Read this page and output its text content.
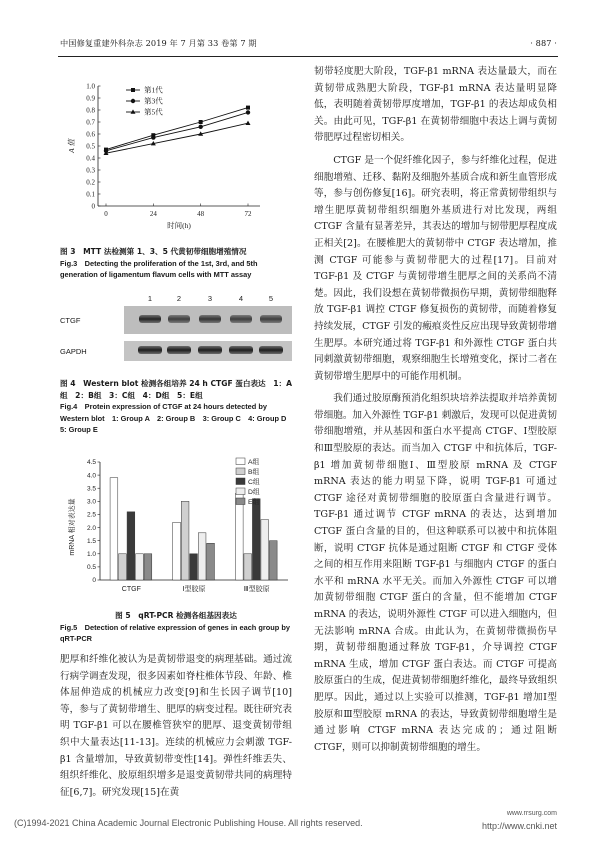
中国修复重建外科杂志 2019 年 7 月第 33 卷第 7 期	· 887 ·
0
0.1
0.2
0.3
0.4
0.5
0.6
0.7
0.8
0.9
1.0
0	24	48	72
时间(h)
A 值
第1代
第3代
第5代
图 3　MTT 法检测第 1、3、5 代黄韧带细胞增殖情况
Fig.3　Detecting the proliferation of the 1st, 3rd, and 5th generation of ligamentum flavum cells with MTT assay
1	2	3	4	5
CTGF
GAPDH
图 4　Western blot 检测各组培养 24 h CTGF 蛋白表达　1：A 组　2：B组　3：C组　4：D组　5：E组
Fig.4　Protein expression of CTGF at 24 hours detected by Western blot　1: Group A　2: Group B　3: Group C　4: Group D　5: Group E
0
0.5
1.0
1.5
2.0
2.5
3.0
3.5
4.0
4.5
mRNA 相对表达量
CTGF	Ⅰ型胶原	Ⅲ型胶原
A组
B组
C组
D组
E组
图 5　qRT-PCR 检测各组基因表达
Fig.5　Detection of relative expression of genes in each group by qRT-PCR

肥厚和纤维化被认为是黄韧带退变的病理基础。通过流行病学调查发现，很多因素如脊柱椎体节段、年龄、椎体屈伸造成的机械应力改变[9]和生长因子调节[10]等，参与了黄韧带增生、肥厚的病变过程。既往研究表明 TGF-β1 可以在腰椎管狭窄的肥厚、退变黄韧带组织中大量表达[11-13]。连续的机械应力会刺激 TGF-β1 含量增加，导致黄韧带变性[14]。弹性纤维丢失、组织纤维化、胶原组织增多是退变黄韧带共同的病理特征[6,7]。研究发现[15]在黄

韧带轻度肥大阶段，TGF-β1 mRNA 表达量最大，而在黄韧带成熟肥大阶段，TGF-β1 mRNA 表达量明显降低，表明随着黄韧带厚度增加，TGF-β1 的表达却成负相关。由此可见，TGF-β1 在黄韧带细胞中表达上调与黄韧带肥厚过程密切相关。

CTGF 是一个促纤维化因子，参与纤维化过程，促进细胞增殖、迁移、黏附及细胞外基质合成和新生血管形成等，参与创伤修复[16]。研究表明，将正常黄韧带组织与增生肥厚黄韧带组织细胞外基质进行对比发现，两组 CTGF 含量有显著差异，其表达的增加与韧带肥厚程度成正相关[2]。在腰椎肥大的黄韧带中 CTGF 表达增加，推测 CTGF 可能参与黄韧带肥大的过程[17]。目前对 TGF-β1 及 CTGF 与黄韧带增生肥厚之间的关系尚不清楚。因此，我们设想在黄韧带微损伤早期，黄韧带细胞释放 TGF-β1 调控 CTGF 修复损伤的黄韧带，而随着修复持续发展，CTGF 引发的瘢痕炎性反应出现导致黄韧带增生肥厚。本研究通过将 TGF-β1 和外源性 CTGF 蛋白共同刺激黄韧带细胞，观察细胞生长增殖变化，探讨二者在黄韧带增生肥厚中的可能作用机制。

我们通过胶原酶预消化组织块培养法提取并培养黄韧带细胞。加入外源性 TGF-β1 刺激后，发现可以促进黄韧带细胞增殖，并从基因和蛋白水平提高 CTGF、Ⅰ型胶原和Ⅲ型胶原的表达。而当加入 CTGF 中和抗体后，TGF-β1 增加黄韧带细胞Ⅰ、Ⅲ型胶原 mRNA 及 CTGF mRNA 表达的能力明显下降，说明 TGF-β1 可通过 CTGF 途径对黄韧带细胞的胶原蛋白含量进行调节。TGF-β1 通过调节 CTGF mRNA 的表达，达到增加 CTGF 蛋白含量的目的，但这种联系可以被中和抗体阻断，说明 CTGF 抗体是通过阻断 CTGF 和 CTGF 受体之间的相互作用来阻断 TGF-β1 与细胞内 CTGF 的蛋白水平和 mRNA 水平无关。而加入外源性 CTGF 可以增加黄韧带细胞 CTGF 蛋白的含量，但不能增加 CTGF mRNA 的表达，说明外源性 CTGF 可以进入细胞内，但无法影响 mRNA 合成。由此认为，在黄韧带微损伤早期，黄韧带细胞通过释放 TGF-β1，介导调控 CTGF mRNA 生成，增加 CTGF 蛋白表达。而 CTGF 可提高胶原蛋白的生成，促进黄韧带细胞纤维化，最终导致组织肥厚。因此，通过以上实验可以推测，TGF-β1 增加Ⅰ型胶原和Ⅲ型胶原 mRNA 的表达，导致黄韧带细胞增生是通过影响 CTGF mRNA 表达完成的；通过阻断 CTGF，则可以抑制黄韧带细胞的增生。

(C)1994-2021 China Academic Journal Electronic Publishing House. All rights reserved.
www.rrsurg.com
http://www.cnki.net
